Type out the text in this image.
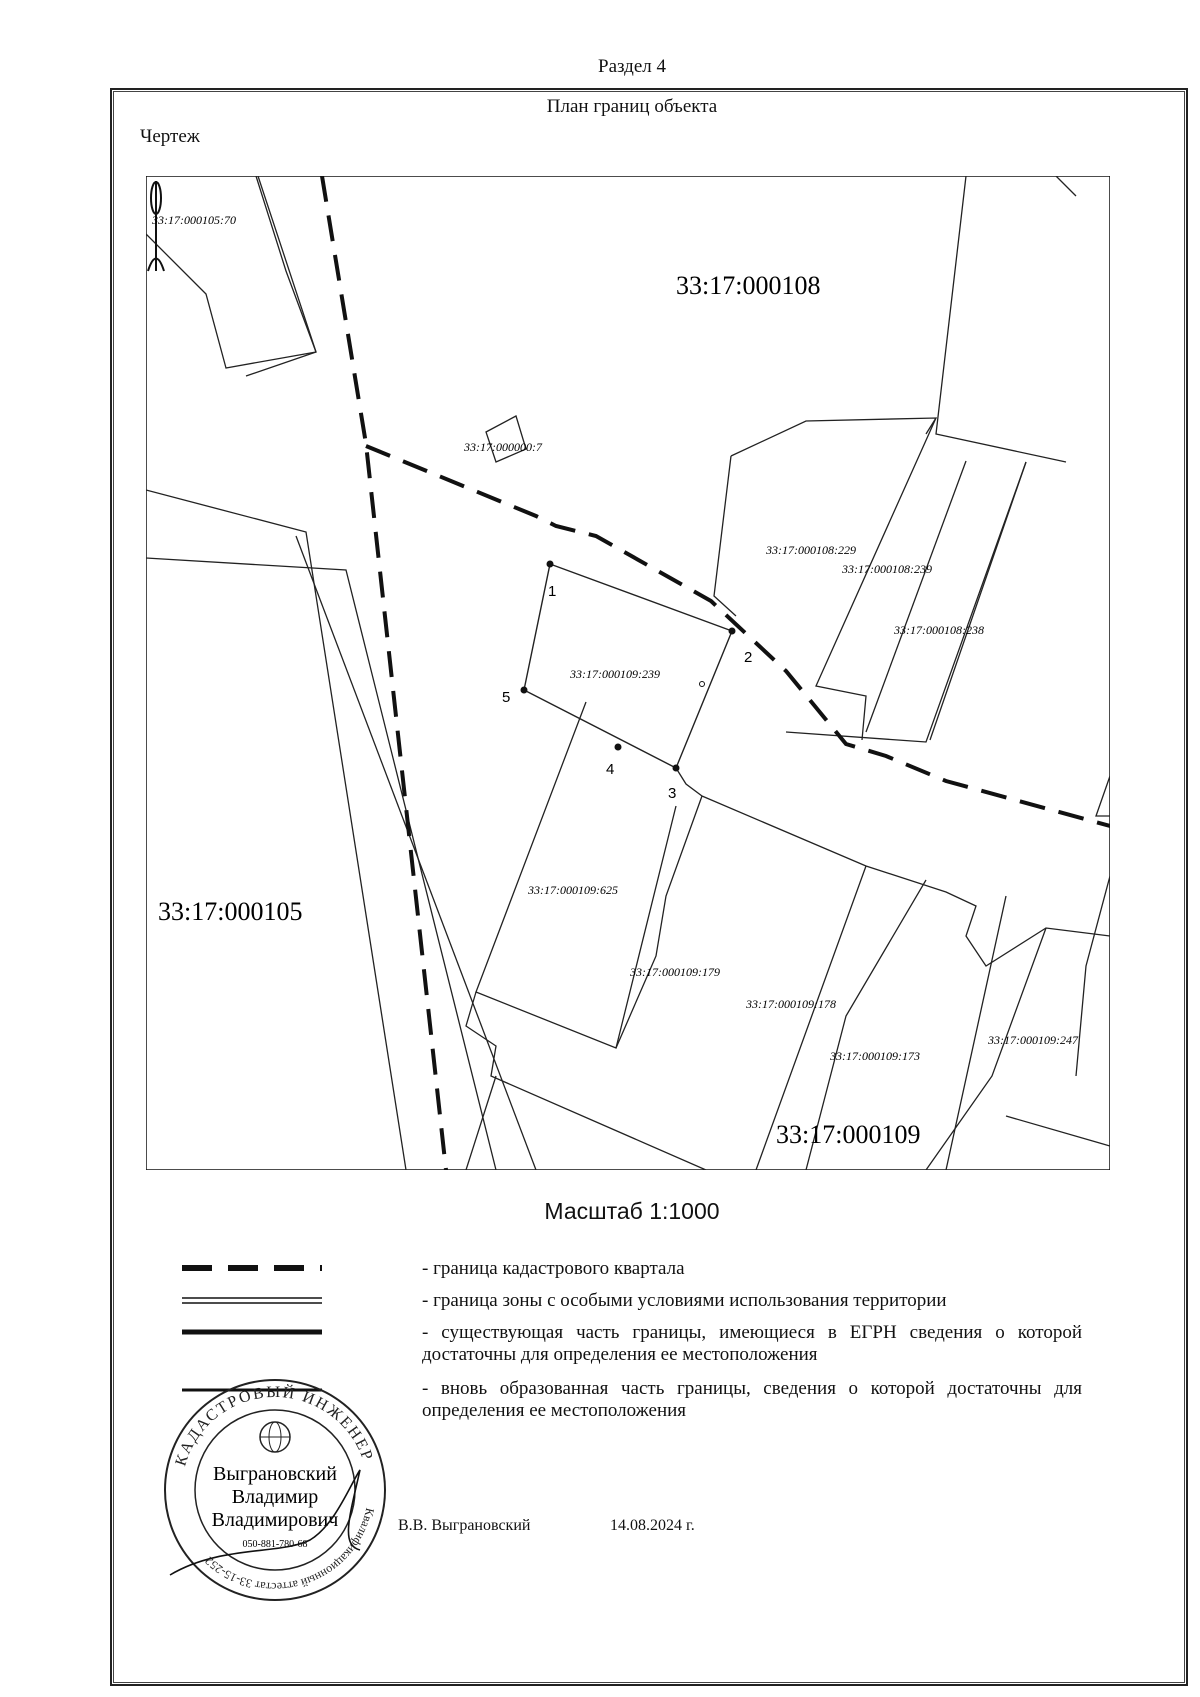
Раздел 4
План границ объекта
Чертеж
33:17:000108
33:17:000105
33:17:000109
33:17:000105:70
33:17:000000:7
33:17:000108:229
33:17:000108:239
33:17:000108:238
33:17:000109:239
33:17:000109:625
33:17:000109:179
33:17:000109:178
33:17:000109:173
33:17:000109:247
1
2
3
4
5
Масштаб 1:1000
- граница кадастрового квартала
- граница зоны с особыми условиями использования территории
- существующая часть границы, имеющиеся в ЕГРН сведения о которой достаточны для определения ее местоположения
- вновь образованная часть границы, сведения о которой достаточны для определения ее местоположения
КАДАСТРОВЫЙ ИНЖЕНЕР
Квалификационный аттестат 33-15-252
Выграновский
Владимир
Владимирович
050-881-780-68
В.В. Выграновский	14.08.2024 г.
